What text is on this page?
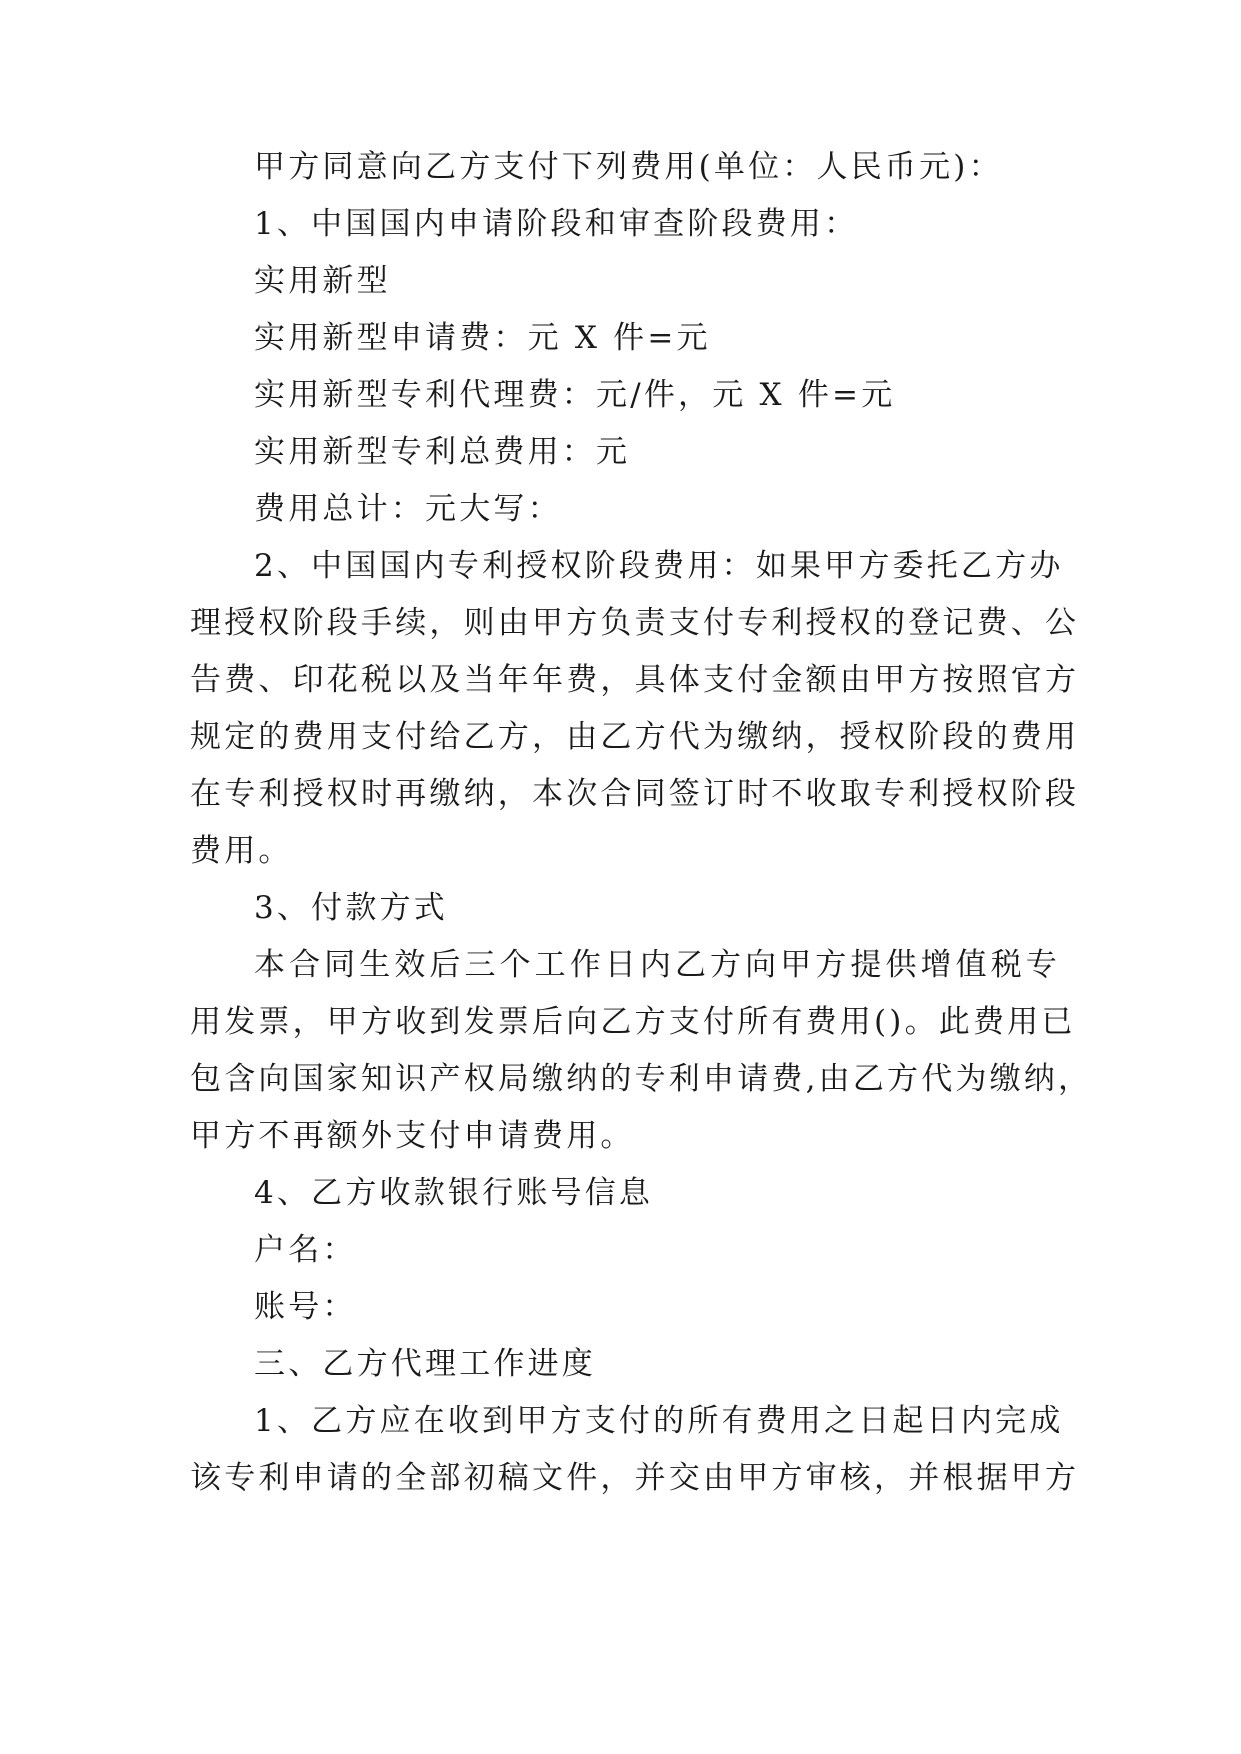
甲方同意向乙方支付下列费用(单位：人民币元)：
1、中国国内申请阶段和审查阶段费用：
实用新型
实用新型申请费：元 X 件=元
实用新型专利代理费：元/件，元 X 件=元
实用新型专利总费用：元
费用总计：元大写：
2、中国国内专利授权阶段费用：如果甲方委托乙方办
理授权阶段手续，则由甲方负责支付专利授权的登记费、公
告费、印花税以及当年年费，具体支付金额由甲方按照官方
规定的费用支付给乙方，由乙方代为缴纳，授权阶段的费用
在专利授权时再缴纳，本次合同签订时不收取专利授权阶段
费用。
3、付款方式
本合同生效后三个工作日内乙方向甲方提供增值税专
用发票，甲方收到发票后向乙方支付所有费用()。此费用已
包含向国家知识产权局缴纳的专利申请费,由乙方代为缴纳，
甲方不再额外支付申请费用。
4、乙方收款银行账号信息
户名：
账号：
三、乙方代理工作进度
1、乙方应在收到甲方支付的所有费用之日起日内完成
该专利申请的全部初稿文件，并交由甲方审核，并根据甲方
